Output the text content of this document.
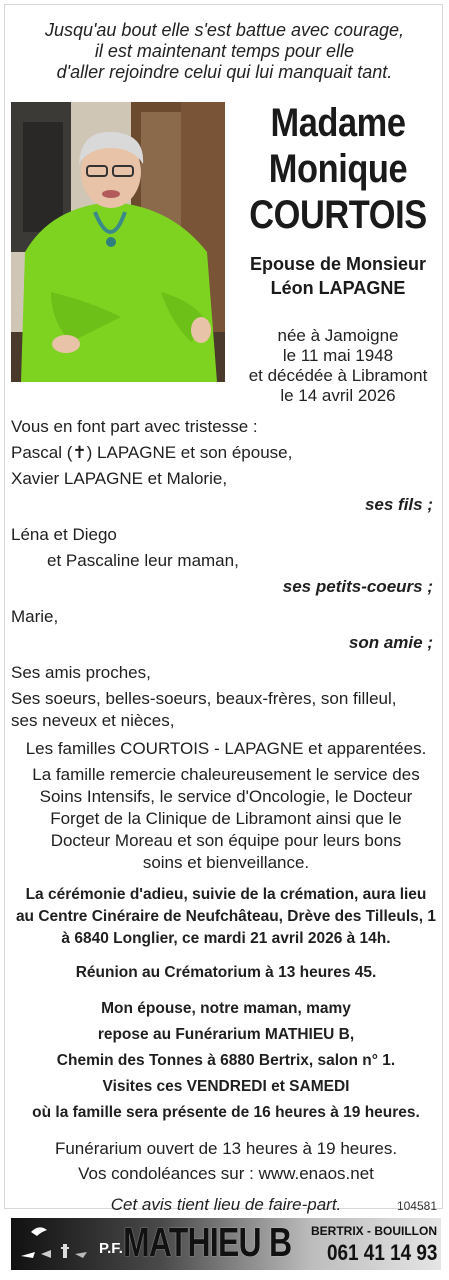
Jusqu'au bout elle s'est battue avec courage,
il est maintenant temps pour elle
d'aller rejoindre celui qui lui manquait tant.
Madame
Monique
COURTOIS
Epouse de Monsieur
Léon LAPAGNE
née à Jamoigne
le 11 mai 1948
et décédée à Libramont
le 14 avril 2026
Vous en font part avec tristesse :
Pascal (✝) LAPAGNE et son épouse,
Xavier LAPAGNE et Malorie,
ses fils ;
Léna et Diego
et Pascaline leur maman,
ses petits-coeurs ;
Marie,
son amie ;
Ses amis proches,
Ses soeurs, belles-soeurs, beaux-frères, son filleul,
ses neveux et nièces,
Les familles COURTOIS - LAPAGNE et apparentées.
La famille remercie chaleureusement le service des
Soins Intensifs, le service d'Oncologie, le Docteur
Forget de la Clinique de Libramont ainsi que le
Docteur Moreau et son équipe pour leurs bons
soins et bienveillance.
La cérémonie d'adieu, suivie de la crémation, aura lieu
au Centre Cinéraire de Neufchâteau, Drève des Tilleuls, 1
à 6840 Longlier, ce mardi 21 avril 2026 à 14h.
Réunion au Crématorium à 13 heures 45.
Mon épouse, notre maman, mamy
repose au Funérarium MATHIEU B,
Chemin des Tonnes à 6880 Bertrix, salon n° 1.
Visites ces VENDREDI et SAMEDI
où la famille sera présente de 16 heures à 19 heures.
Funérarium ouvert de 13 heures à 19 heures.
Vos condoléances sur : www.enaos.net
Cet avis tient lieu de faire-part.	104581
P.F. MATHIEU B BERTRIX - BOUILLON
061 41 14 93
